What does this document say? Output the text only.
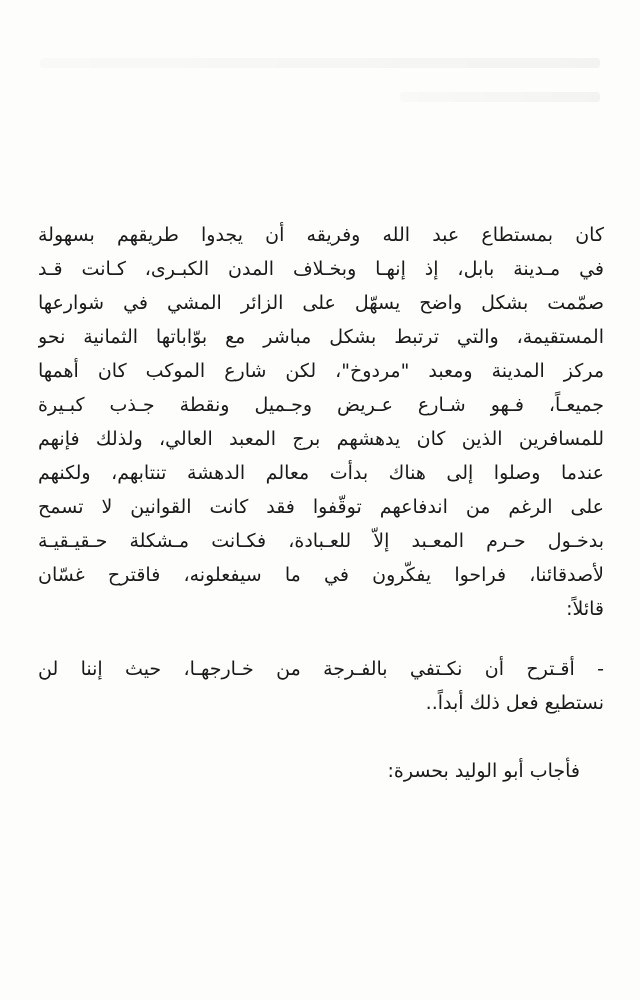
كان بمستطاع عبد الله وفريقه أن يجدوا طريقهم بسهولة
في مـدينة بابل، إذ إنهـا وبخـلاف المدن الكبـرى، كـانت قـد
صمّمت بشكل واضح يسهّل على الزائر المشي في شوارعها
المستقيمة، والتي ترتبط بشكل مباشر مع بوّاباتها الثمانية نحو
مركز المدينة ومعبد "مردوخ"، لكن شارع الموكب كان أهمها
جميعـاً، فـهو شـارع عـريض وجـميل ونقطة جـذب كبـيرة
للمسافرين الذين كان يدهشهم برج المعبد العالي، ولذلك فإنهم
عندما وصلوا إلى هناك بدأت معالم الدهشة تنتابهم، ولكنهم
على الرغم من اندفاعهم توقّفوا فقد كانت القوانين لا تسمح
بدخـول حـرم المعـبد إلاّ للعـبادة، فكـانت مـشكلة حـقيـقيـة
لأصدقائنا، فراحوا يفكّرون في ما سيفعلونه، فاقترح غسّان
قائلاً:
- أقـترح أن نكـتفي بالفـرجة من خـارجهـا، حيث إننا لن
نستطيع فعل ذلك أبداً..
فأجاب أبو الوليد بحسرة:
